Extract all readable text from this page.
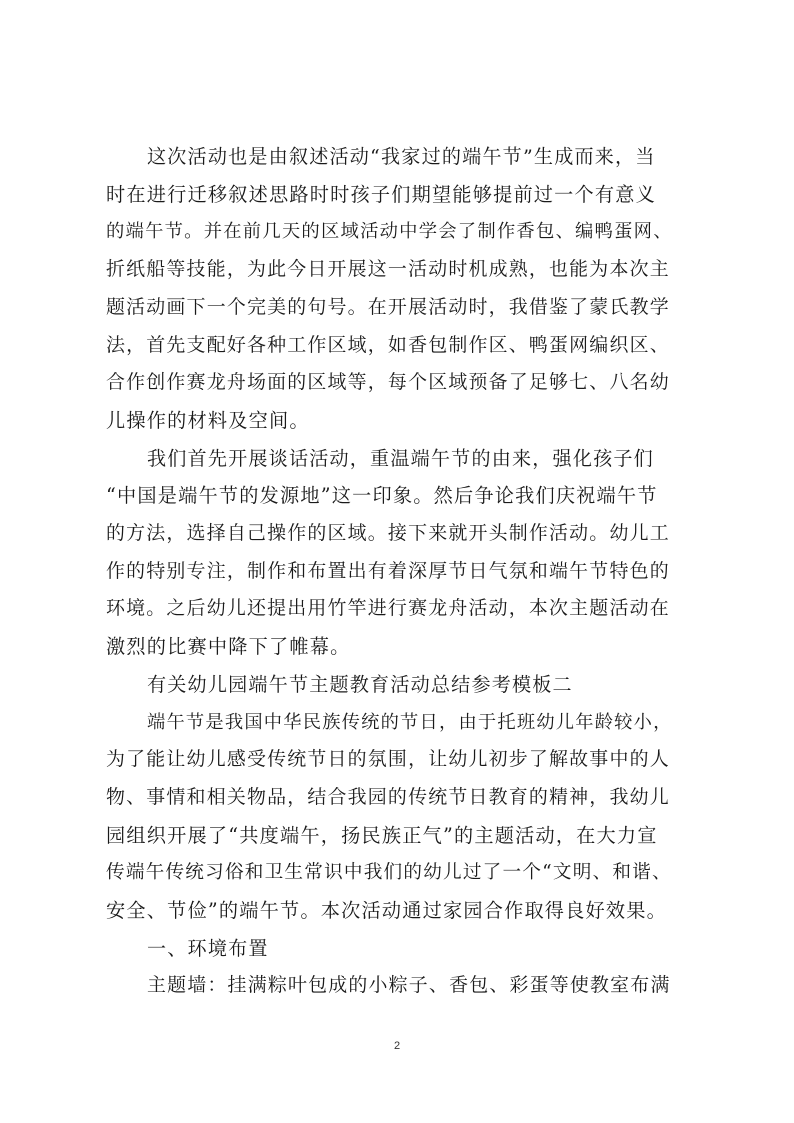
这次活动也是由叙述活动“我家过的端午节”生成而来，当
时在进行迁移叙述思路时时孩子们期望能够提前过一个有意义
的端午节。并在前几天的区域活动中学会了制作香包、编鸭蛋网、
折纸船等技能，为此今日开展这一活动时机成熟，也能为本次主
题活动画下一个完美的句号。在开展活动时，我借鉴了蒙氏教学
法，首先支配好各种工作区域，如香包制作区、鸭蛋网编织区、
合作创作赛龙舟场面的区域等，每个区域预备了足够七、八名幼
儿操作的材料及空间。

我们首先开展谈话活动，重温端午节的由来，强化孩子们
“中国是端午节的发源地”这一印象。然后争论我们庆祝端午节
的方法，选择自己操作的区域。接下来就开头制作活动。幼儿工
作的特别专注，制作和布置出有着深厚节日气氛和端午节特色的
环境。之后幼儿还提出用竹竿进行赛龙舟活动，本次主题活动在
激烈的比赛中降下了帷幕。

有关幼儿园端午节主题教育活动总结参考模板二

端午节是我国中华民族传统的节日，由于托班幼儿年龄较小，
为了能让幼儿感受传统节日的氛围，让幼儿初步了解故事中的人
物、事情和相关物品，结合我园的传统节日教育的精神，我幼儿
园组织开展了“共度端午，扬民族正气”的主题活动，在大力宣
传端午传统习俗和卫生常识中我们的幼儿过了一个“文明、和谐、
安全、节俭”的端午节。本次活动通过家园合作取得良好效果。

一、环境布置

主题墙：挂满粽叶包成的小粽子、香包、彩蛋等使教室布满

2
